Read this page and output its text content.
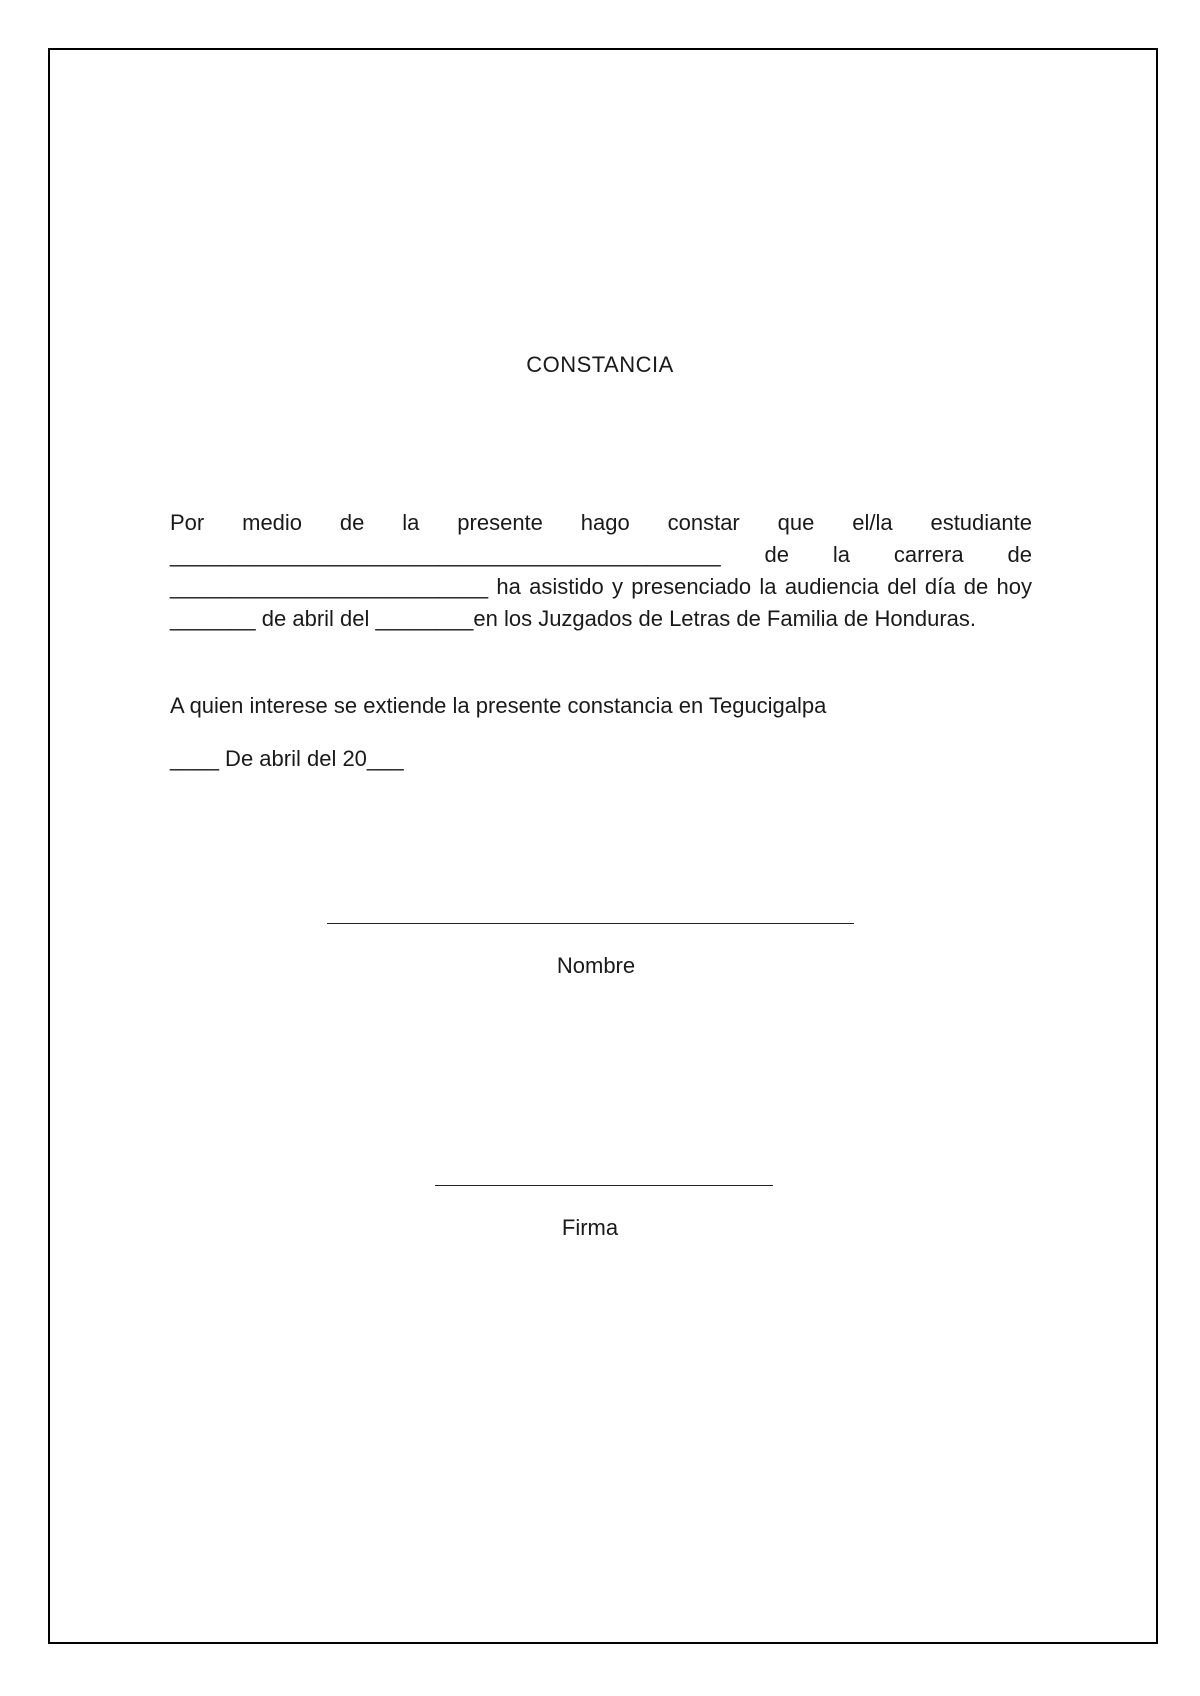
CONSTANCIA
Por medio de la presente hago constar que el/la estudiante _____________________________________________ de la carrera de __________________________ ha asistido y presenciado la audiencia del día de hoy _______ de abril del ________en los Juzgados de Letras de Familia de Honduras.
A quien interese se extiende la presente constancia en Tegucigalpa
____ De abril del 20___
Nombre
Firma
